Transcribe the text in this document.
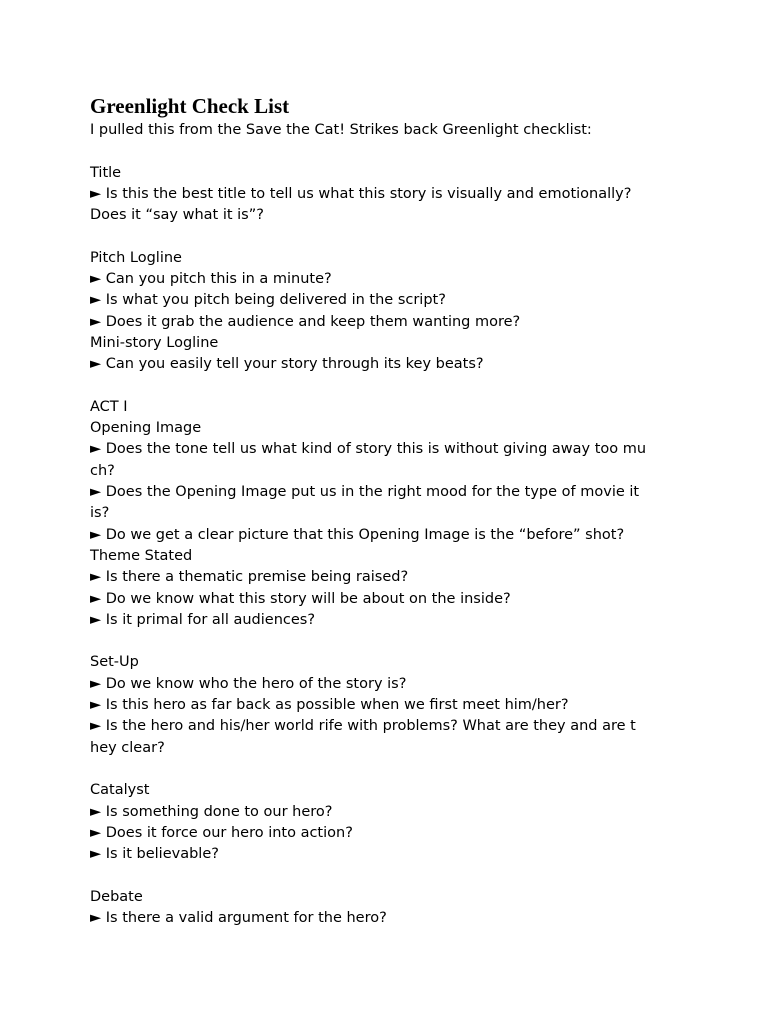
Greenlight Check List
I pulled this from the Save the Cat! Strikes back Greenlight checklist:
Title
► Is this the best title to tell us what this story is visually and emotionally?
Does it “say what it is”?
Pitch Logline
► Can you pitch this in a minute?
► Is what you pitch being delivered in the script?
► Does it grab the audience and keep them wanting more?
Mini-story Logline
► Can you easily tell your story through its key beats?
ACT I
Opening Image
► Does the tone tell us what kind of story this is without giving away too mu
ch?
► Does the Opening Image put us in the right mood for the type of movie it
is?
► Do we get a clear picture that this Opening Image is the “before” shot?
Theme Stated
► Is there a thematic premise being raised?
► Do we know what this story will be about on the inside?
► Is it primal for all audiences?
Set-Up
► Do we know who the hero of the story is?
► Is this hero as far back as possible when we first meet him/her?
► Is the hero and his/her world rife with problems? What are they and are t
hey clear?
Catalyst
► Is something done to our hero?
► Does it force our hero into action?
► Is it believable?
Debate
► Is there a valid argument for the hero?
